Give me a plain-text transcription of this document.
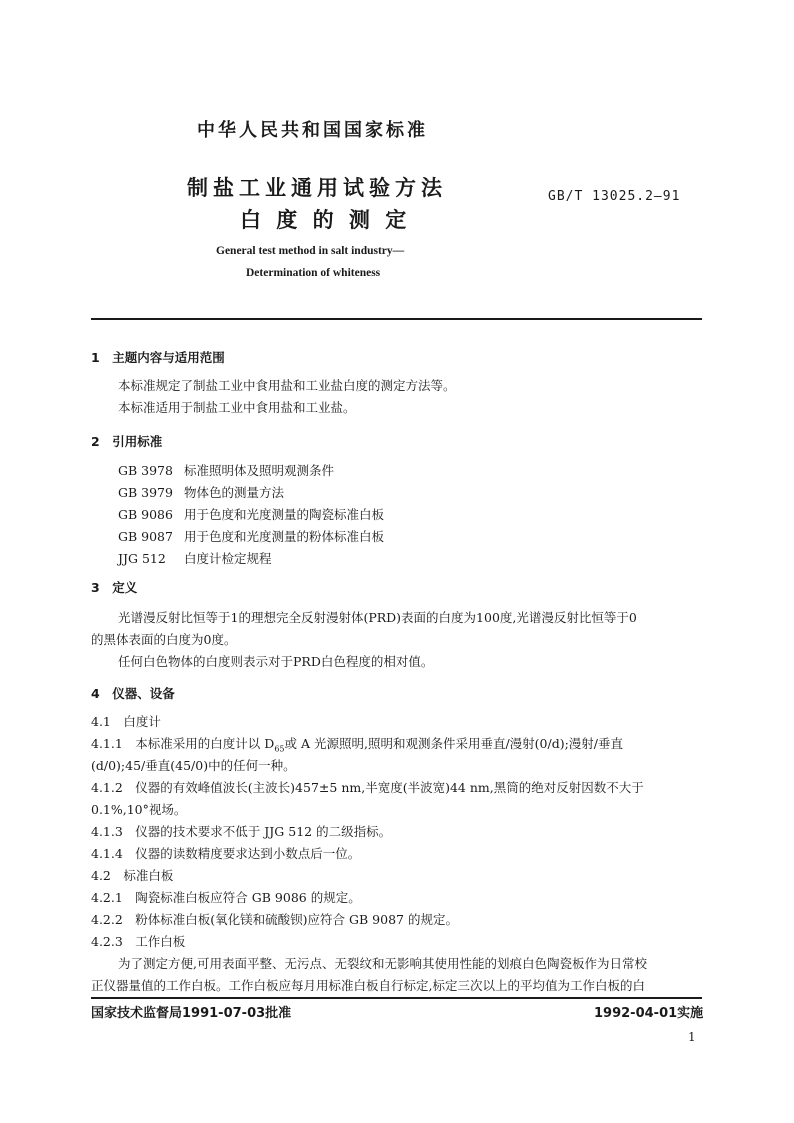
中华人民共和国国家标准
制盐工业通用试验方法
白 度 的 测 定
GB/T 13025.2—91
General test method in salt industry—
Determination of whiteness
1　主题内容与适用范围
本标准规定了制盐工业中食用盐和工业盐白度的测定方法等。
本标准适用于制盐工业中食用盐和工业盐。
2　引用标准
GB 3978 标准照明体及照明观测条件
GB 3979 物体色的测量方法
GB 9086 用于色度和光度测量的陶瓷标准白板
GB 9087 用于色度和光度测量的粉体标准白板
JJG 512	白度计检定规程
3　定义
光谱漫反射比恒等于1的理想完全反射漫射体(PRD)表面的白度为100度,光谱漫反射比恒等于0
的黑体表面的白度为0度。
任何白色物体的白度则表示对于PRD白色程度的相对值。
4　仪器、设备
4.1　白度计
4.1.1　本标准采用的白度计以 $D_{65}$或 A 光源照明,照明和观测条件采用垂直/漫射(0/d);漫射/垂直
(d/0);45/垂直(45/0)中的任何一种。
4.1.2　仪器的有效峰值波长(主波长)457±5 nm,半宽度(半波宽)44 nm,黑筒的绝对反射因数不大于
0.1%,10°视场。
4.1.3　仪器的技术要求不低于 JJG 512 的二级指标。
4.1.4　仪器的读数精度要求达到小数点后一位。
4.2　标准白板
4.2.1　陶瓷标准白板应符合 GB 9086 的规定。
4.2.2　粉体标准白板(氧化镁和硫酸钡)应符合 GB 9087 的规定。
4.2.3　工作白板
为了测定方便,可用表面平整、无污点、无裂纹和无影响其使用性能的划痕白色陶瓷板作为日常校
正仪器量值的工作白板。工作白板应每月用标准白板自行标定,标定三次以上的平均值为工作白板的白
国家技术监督局1991-07-03批准	1992-04-01实施
1
